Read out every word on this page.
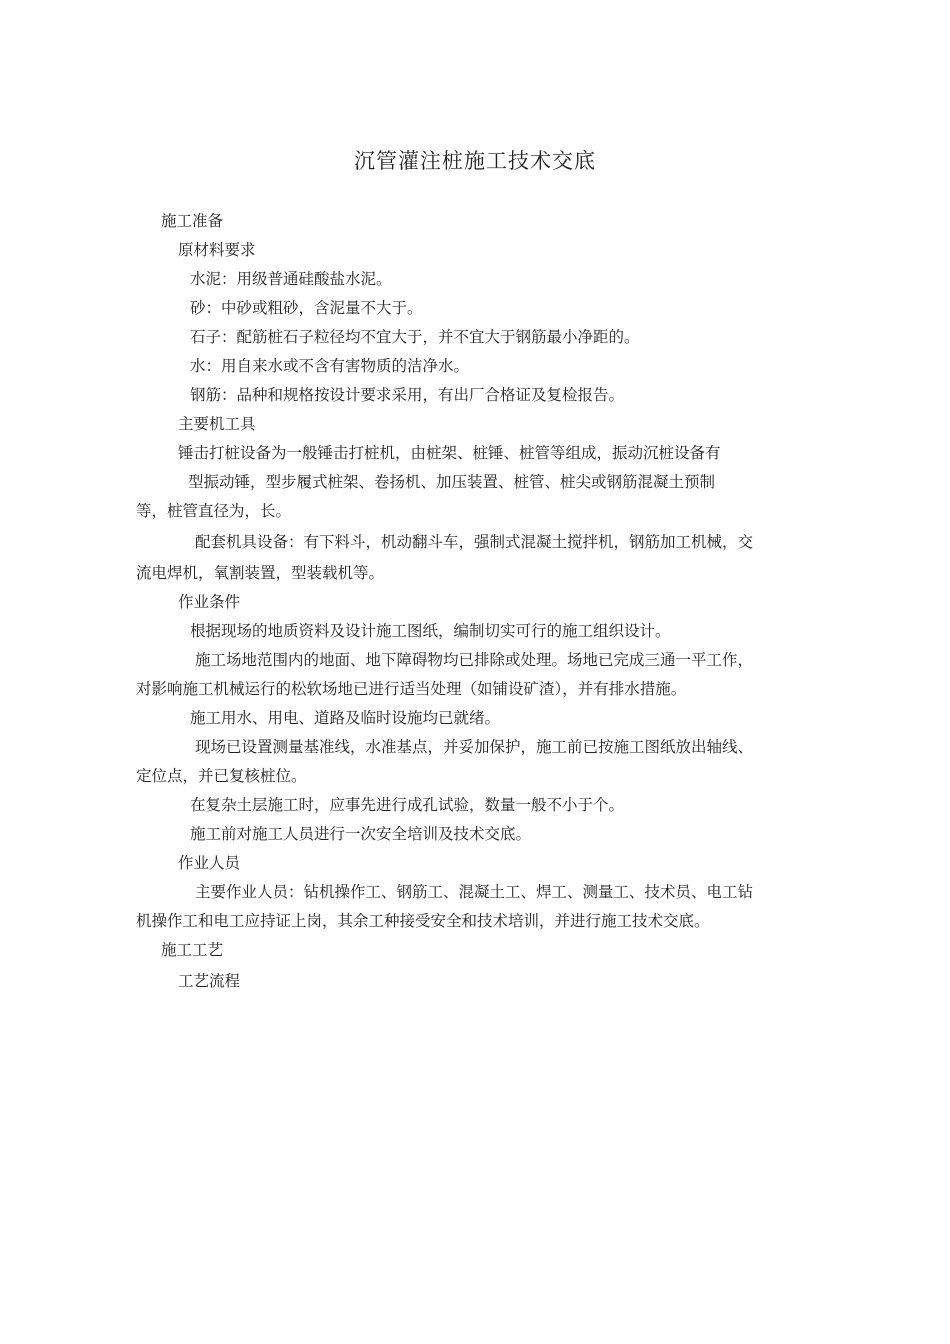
沉管灌注桩施工技术交底
施工准备
原材料要求
水泥：用级普通硅酸盐水泥。
砂：中砂或粗砂，含泥量不大于。
石子：配筋桩石子粒径均不宜大于，并不宜大于钢筋最小净距的。
水：用自来水或不含有害物质的洁净水。
钢筋：品种和规格按设计要求采用，有出厂合格证及复检报告。
主要机工具
锤击打桩设备为一般锤击打桩机，由桩架、桩锤、桩管等组成，振动沉桩设备有
型振动锤，型步履式桩架、卷扬机、加压装置、桩管、桩尖或钢筋混凝土预制
等，桩管直径为，长。
配套机具设备：有下料斗，机动翻斗车，强制式混凝土搅拌机，钢筋加工机械，交
流电焊机，氧割装置，型装载机等。
作业条件
根据现场的地质资料及设计施工图纸，编制切实可行的施工组织设计。
施工场地范围内的地面、地下障碍物均已排除或处理。场地已完成三通一平工作，
对影响施工机械运行的松软场地已进行适当处理（如铺设矿渣），并有排水措施。
施工用水、用电、道路及临时设施均已就绪。
现场已设置测量基准线，水准基点，并妥加保护，施工前已按施工图纸放出轴线、
定位点，并已复核桩位。
在复杂土层施工时，应事先进行成孔试验，数量一般不小于个。
施工前对施工人员进行一次安全培训及技术交底。
作业人员
主要作业人员：钻机操作工、钢筋工、混凝土工、焊工、测量工、技术员、电工钻
机操作工和电工应持证上岗，其余工种接受安全和技术培训，并进行施工技术交底。
施工工艺
工艺流程
